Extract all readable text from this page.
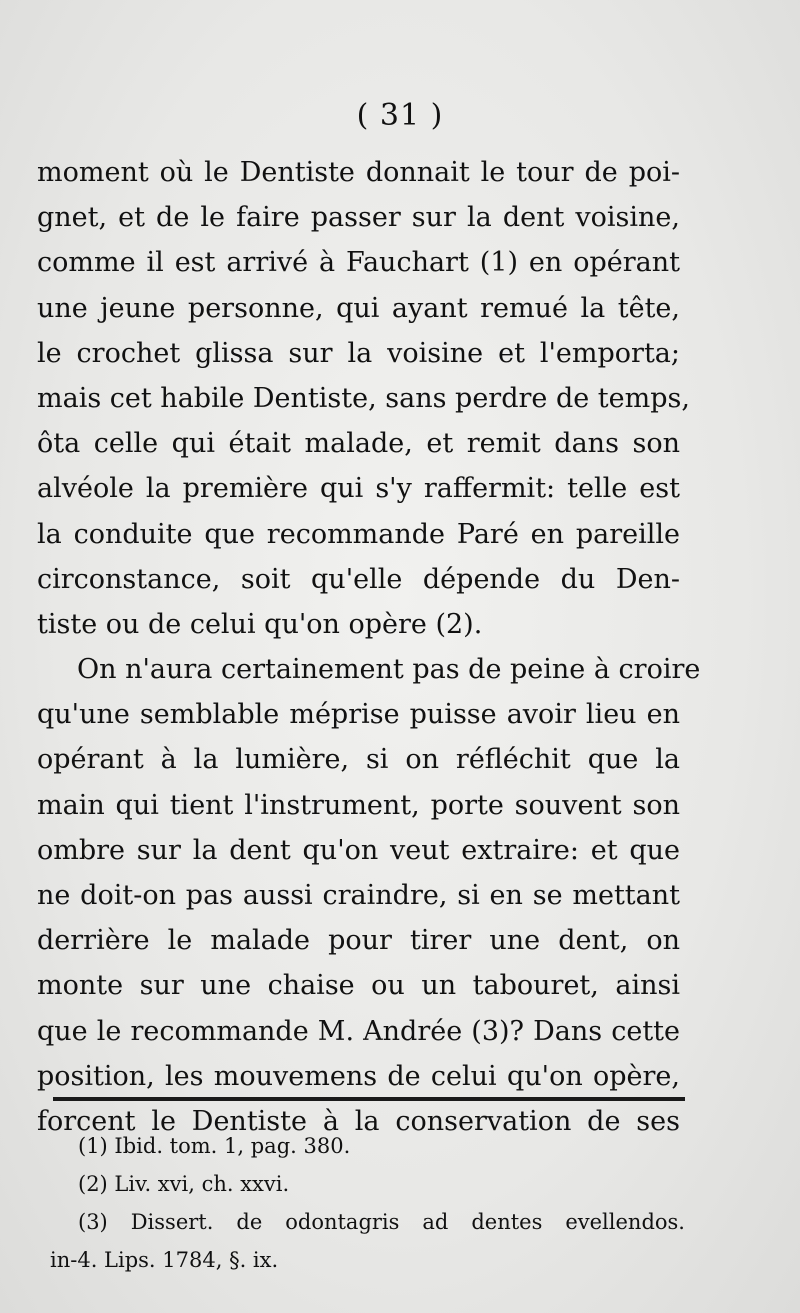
( 31 )
moment où le Dentiste donnait le tour de poi-
gnet, et de le faire passer sur la dent voisine,
comme il est arrivé à Fauchart (1) en opérant
une jeune personne, qui ayant remué la tête,
le crochet glissa sur la voisine et l'emporta;
mais cet habile Dentiste, sans perdre de temps,
ôta celle qui était malade, et remit dans son
alvéole la première qui s'y raffermit: telle est
la conduite que recommande Paré en pareille
circonstance, soit qu'elle dépende du Den-
tiste ou de celui qu'on opère (2).
On n'aura certainement pas de peine à croire
qu'une semblable méprise puisse avoir lieu en
opérant à la lumière, si on réfléchit que la
main qui tient l'instrument, porte souvent son
ombre sur la dent qu'on veut extraire: et que
ne doit-on pas aussi craindre, si en se mettant
derrière le malade pour tirer une dent, on
monte sur une chaise ou un tabouret, ainsi
que le recommande M. Andrée (3)? Dans cette
position, les mouvemens de celui qu'on opère,
forcent le Dentiste à la conservation de ses
(1) Ibid. tom. 1, pag. 380.
(2) Liv. xvi, ch. xxvi.
(3) Dissert. de odontagris ad dentes evellendos.
in-4. Lips. 1784, §. ix.
